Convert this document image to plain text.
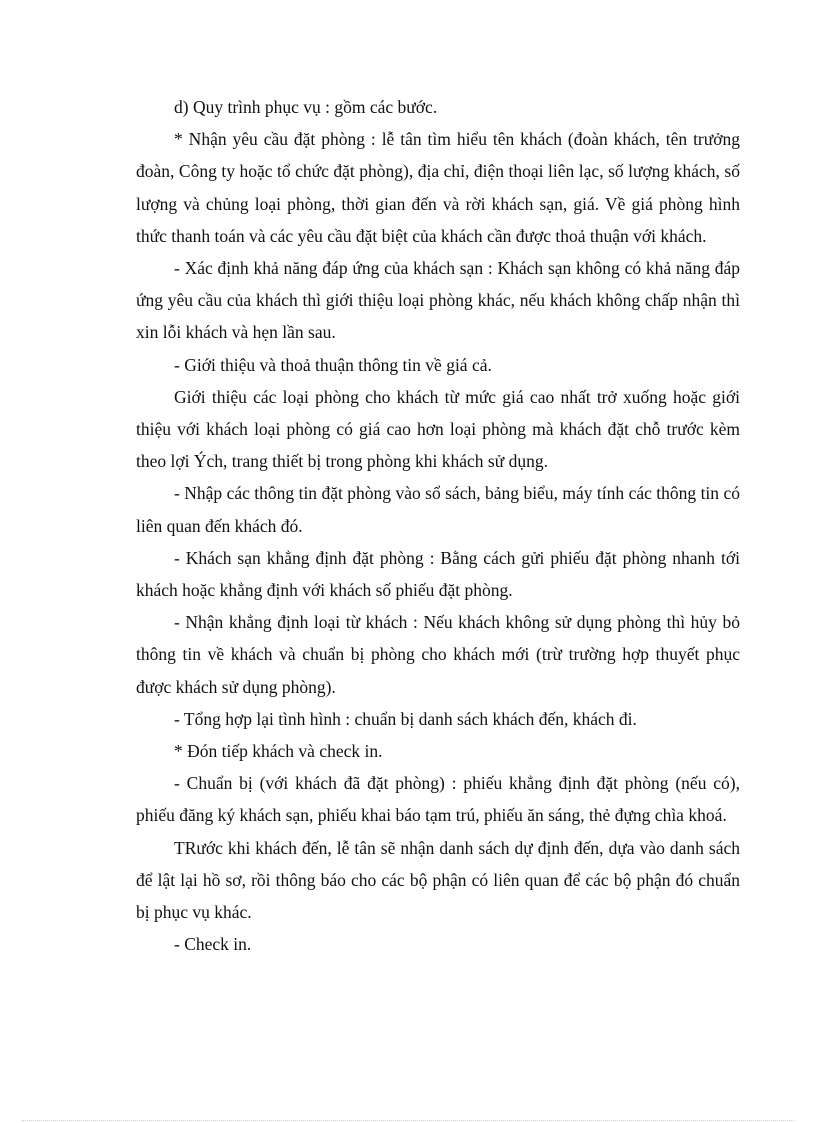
d) Quy trình phục vụ : gồm các bước.

* Nhận yêu cầu đặt phòng : lễ tân tìm hiểu tên khách (đoàn khách, tên trưởng đoàn, Công ty hoặc tổ chức đặt phòng), địa chỉ, điện thoại liên lạc, số lượng khách, số lượng và chủng loại phòng, thời gian đến và rời khách sạn, giá. Về giá phòng hình thức thanh toán và các yêu cầu đặt biệt của khách cần được thoả thuận với khách.

- Xác định khả năng đáp ứng của khách sạn : Khách sạn không có khả năng đáp ứng yêu cầu của khách thì giới thiệu loại phòng khác, nếu khách không chấp nhận thì xin lỗi khách và hẹn lần sau.

- Giới thiệu và thoả thuận thông tin về giá cả.

Giới thiệu các loại phòng cho khách từ mức giá cao nhất trở xuống hoặc giới thiệu với khách loại phòng có giá cao hơn loại phòng mà khách đặt chỗ trước kèm theo lợi Ých, trang thiết bị trong phòng khi khách sử dụng.

- Nhập các thông tin đặt phòng vào sổ sách, bảng biểu, máy tính các thông tin có liên quan đến khách đó.

- Khách sạn khẳng định đặt phòng : Bằng cách gửi phiếu đặt phòng nhanh tới khách hoặc khẳng định với khách số phiếu đặt phòng.

- Nhận khẳng định loại từ khách : Nếu khách không sử dụng phòng thì hủy bỏ thông tin về khách và chuẩn bị phòng cho khách mới (trừ trường hợp thuyết phục được khách sử dụng phòng).

- Tổng hợp lại tình hình : chuẩn bị danh sách khách đến, khách đi.

* Đón tiếp khách và check in.

- Chuẩn bị (với khách đã đặt phòng) : phiếu khẳng định đặt phòng (nếu có), phiếu đăng ký khách sạn, phiếu khai báo tạm trú, phiếu ăn sáng, thẻ đựng chìa khoá.

TRước khi khách đến, lễ tân sẽ nhận danh sách dự định đến, dựa vào danh sách để lật lại hồ sơ, rồi thông báo cho các bộ phận có liên quan để các bộ phận đó chuẩn bị phục vụ khác.

- Check in.
